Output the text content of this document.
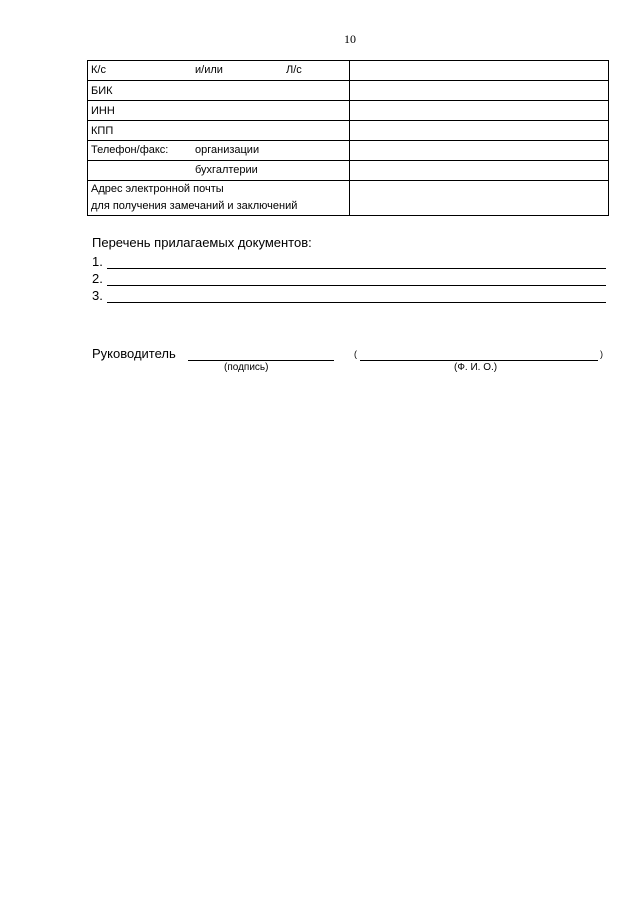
10
К/с и/или Л/с	

БИК	
ИНН	
КПП	

Телефон/факс: организации	

бухгалтерии	

Адрес электронной почты
для получения замечаний и заключений	

Перечень прилагаемых документов:
1.
2.
3.
Руководитель	(	)
(подпись)	(Ф. И. О.)
